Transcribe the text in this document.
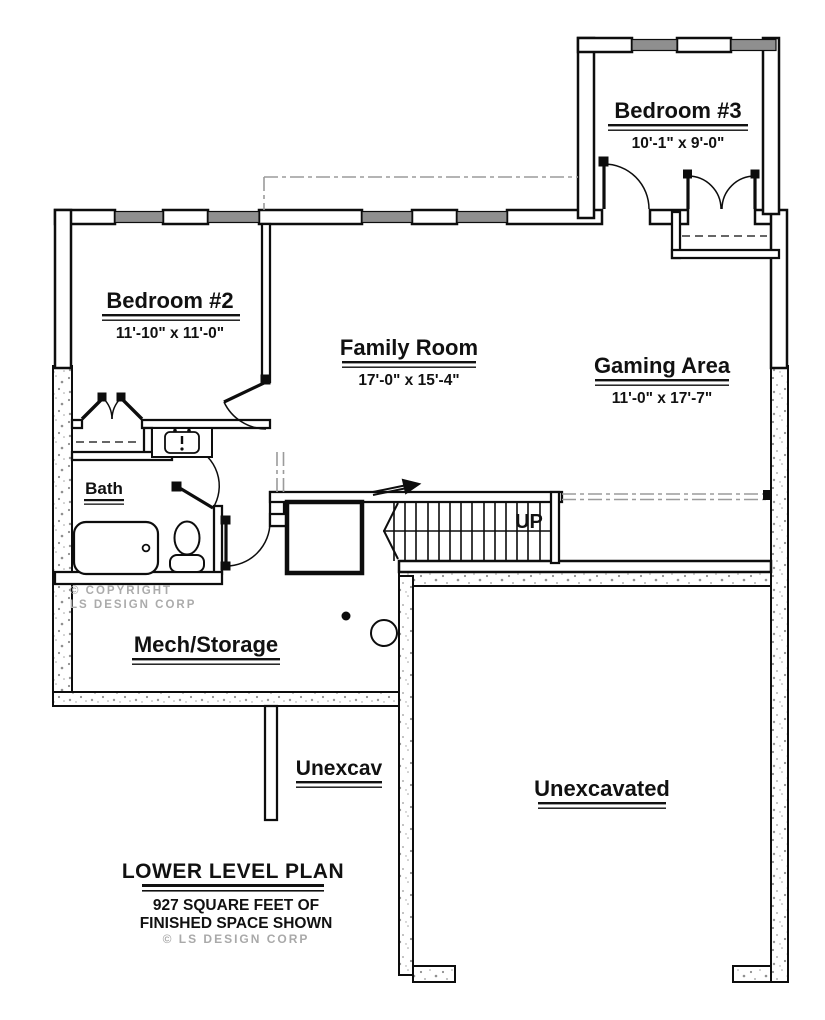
Bedroom #3
10'-1" x 9'-0"
Bedroom #2
11'-10" x 11'-0"
Family Room
17'-0" x 15'-4"
Gaming Area
11'-0" x 17'-7"
Bath
Mech/Storage
Unexcav
Unexcavated
UP
© COPYRIGHT
LS DESIGN CORP
LOWER LEVEL PLAN
927 SQUARE FEET OF
FINISHED SPACE SHOWN
© LS DESIGN CORP
